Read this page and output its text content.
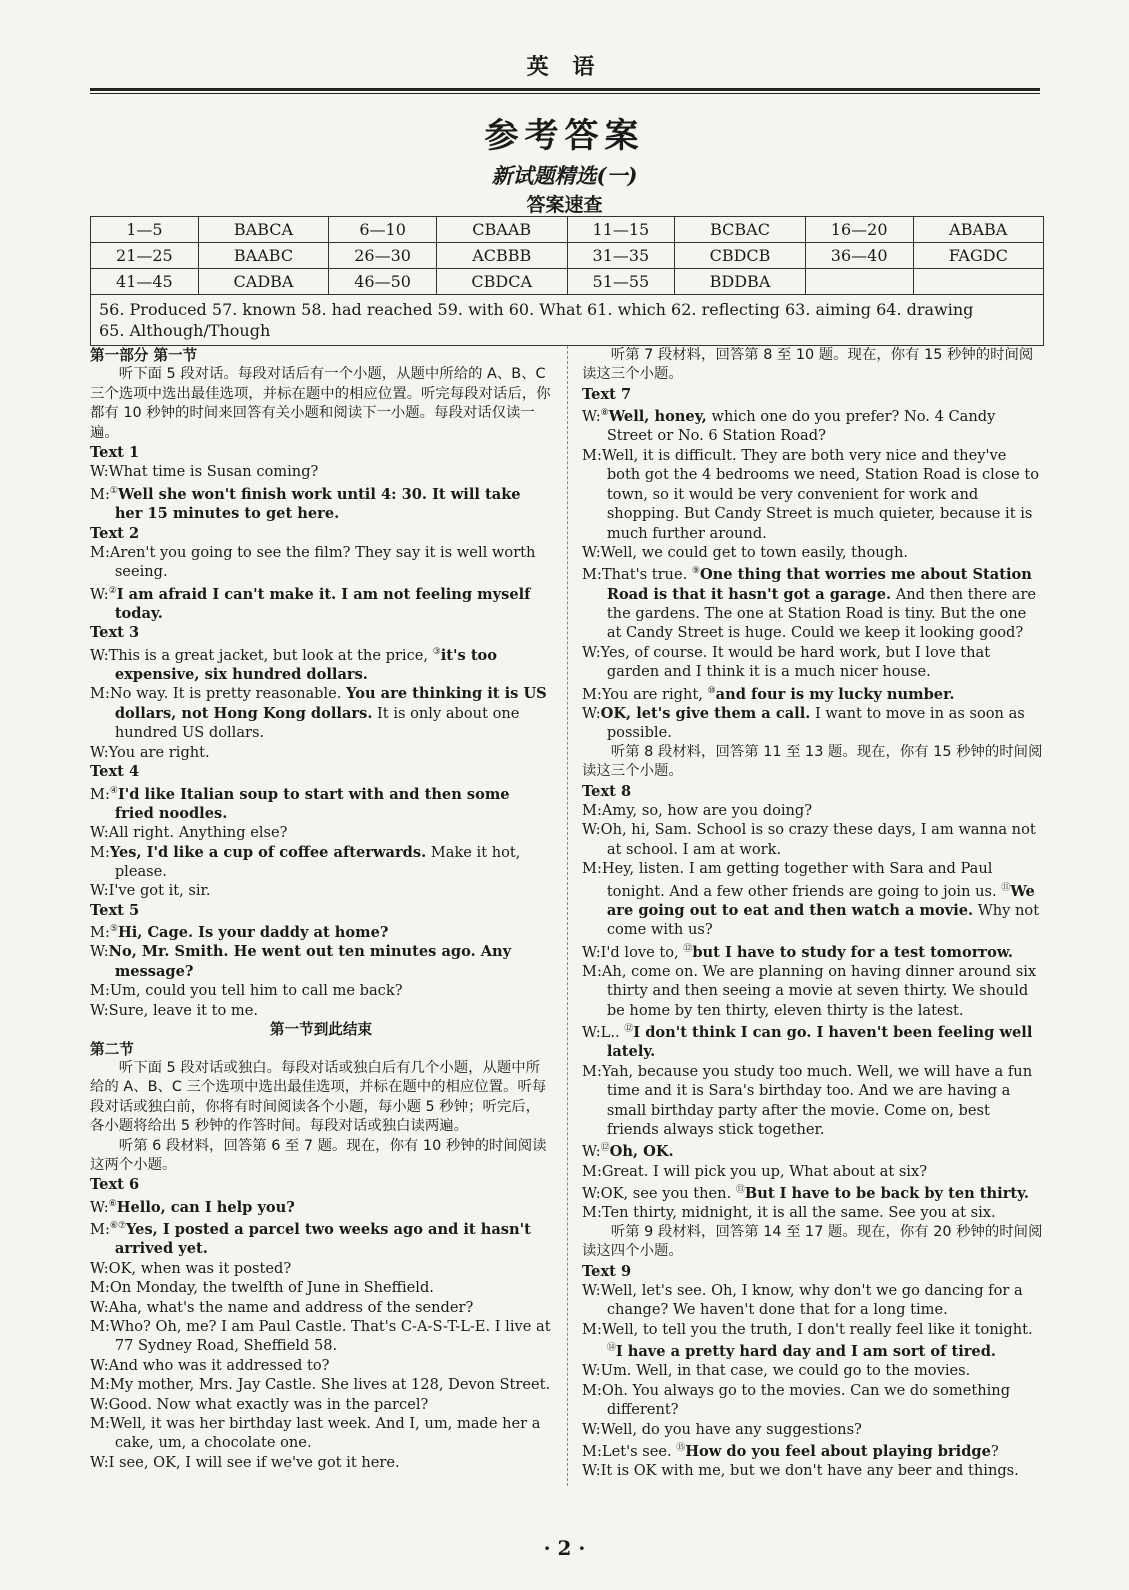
英 语
参考答案
新试题精选(一)
答案速查
1—5	BABCA	6—10	CBAAB	11—15	BCBAC	16—20	ABABA
21—25	BAABC	26—30	ACBBB	31—35	CBDCB	36—40	FAGDC
41—45	CADBA	46—50	CBDCA	51—55	BDDBA		

56. Produced 57. known 58. had reached 59. with 60. What 61. which 62. reflecting 63. aiming 64. drawing
65. Although/Though							

第一部分 第一节

听下面 5 段对话。每段对话后有一个小题，从题中所给的 A、B、C 三个选项中选出最佳选项，并标在题中的相应位置。听完每段对话后，你都有 10 秒钟的时间来回答有关小题和阅读下一小题。每段对话仅读一遍。

Text 1

W:What time is Susan coming?

M:①Well she won't finish work until 4: 30. It will take her 15 minutes to get here.

Text 2

M:Aren't you going to see the film? They say it is well worth seeing.

W:②I am afraid I can't make it. I am not feeling myself today.

Text 3

W:This is a great jacket, but look at the price, ③it's too expensive, six hundred dollars.

M:No way. It is pretty reasonable. You are thinking it is US dollars, not Hong Kong dollars. It is only about one hundred US dollars.

W:You are right.

Text 4

M:④I'd like Italian soup to start with and then some fried noodles.

W:All right. Anything else?

M:Yes, I'd like a cup of coffee afterwards. Make it hot, please.

W:I've got it, sir.

Text 5

M:⑤Hi, Cage. Is your daddy at home?

W:No, Mr. Smith. He went out ten minutes ago. Any message?

M:Um, could you tell him to call me back?

W:Sure, leave it to me.

第一节到此结束

第二节

听下面 5 段对话或独白。每段对话或独白后有几个小题，从题中所给的 A、B、C 三个选项中选出最佳选项，并标在题中的相应位置。听每段对话或独白前，你将有时间阅读各个小题，每小题 5 秒钟；听完后，各小题将给出 5 秒钟的作答时间。每段对话或独白读两遍。

听第 6 段材料，回答第 6 至 7 题。现在，你有 10 秒钟的时间阅读这两个小题。

Text 6

W:⑥Hello, can I help you?

M:⑥⑦Yes, I posted a parcel two weeks ago and it hasn't arrived yet.

W:OK, when was it posted?

M:On Monday, the twelfth of June in Sheffield.

W:Aha, what's the name and address of the sender?

M:Who? Oh, me? I am Paul Castle. That's C-A-S-T-L-E. I live at 77 Sydney Road, Sheffield 58.

W:And who was it addressed to?

M:My mother, Mrs. Jay Castle. She lives at 128, Devon Street.

W:Good. Now what exactly was in the parcel?

M:Well, it was her birthday last week. And I, um, made her a cake, um, a chocolate one.

W:I see, OK, I will see if we've got it here.

听第 7 段材料，回答第 8 至 10 题。现在，你有 15 秒钟的时间阅读这三个小题。

Text 7

W:⑧Well, honey, which one do you prefer? No. 4 Candy Street or No. 6 Station Road?

M:Well, it is difficult. They are both very nice and they've both got the 4 bedrooms we need, Station Road is close to town, so it would be very convenient for work and shopping. But Candy Street is much quieter, because it is much further around.

W:Well, we could get to town easily, though.

M:That's true. ⑨One thing that worries me about Station Road is that it hasn't got a garage. And then there are the gardens. The one at Station Road is tiny. But the one at Candy Street is huge. Could we keep it looking good?

W:Yes, of course. It would be hard work, but I love that garden and I think it is a much nicer house.

M:You are right, ⑩and four is my lucky number.

W:OK, let's give them a call. I want to move in as soon as possible.

听第 8 段材料，回答第 11 至 13 题。现在，你有 15 秒钟的时间阅读这三个小题。

Text 8

M:Amy, so, how are you doing?

W:Oh, hi, Sam. School is so crazy these days, I am wanna not at school. I am at work.

M:Hey, listen. I am getting together with Sara and Paul tonight. And a few other friends are going to join us. ⑪We are going out to eat and then watch a movie. Why not come with us?

W:I'd love to, ⑫but I have to study for a test tomorrow.

M:Ah, come on. We are planning on having dinner around six thirty and then seeing a movie at seven thirty. We should be home by ten thirty, eleven thirty is the latest.

W:L.. ⑫I don't think I can go. I haven't been feeling well lately.

M:Yah, because you study too much. Well, we will have a fun time and it is Sara's birthday too. And we are having a small birthday party after the movie. Come on, best friends always stick together.

W:⑫Oh, OK.

M:Great. I will pick you up, What about at six?

W:OK, see you then. ⑬But I have to be back by ten thirty.

M:Ten thirty, midnight, it is all the same. See you at six.

听第 9 段材料，回答第 14 至 17 题。现在，你有 20 秒钟的时间阅读这四个小题。

Text 9

W:Well, let's see. Oh, I know, why don't we go dancing for a change? We haven't done that for a long time.

M:Well, to tell you the truth, I don't really feel like it tonight. ⑭I have a pretty hard day and I am sort of tired.

W:Um. Well, in that case, we could go to the movies.

M:Oh. You always go to the movies. Can we do something different?

W:Well, do you have any suggestions?

M:Let's see. ⑮How do you feel about playing bridge?

W:It is OK with me, but we don't have any beer and things.

· 2 ·
